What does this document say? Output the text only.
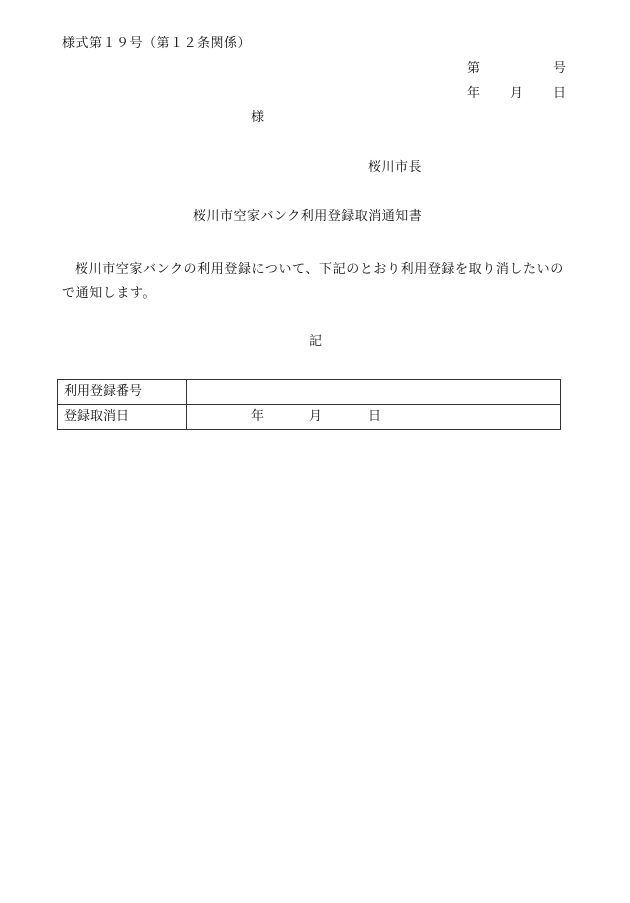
様式第１９号（第１２条関係）
第	号
年 月 日
様
桜川市長
桜川市空家バンク利用登録取消通知書

桜川市空家バンクの利用登録について、下記のとおり利用登録を取り消したいので通知します。

記
利用登録番号	
登録取消日	年 月 日
